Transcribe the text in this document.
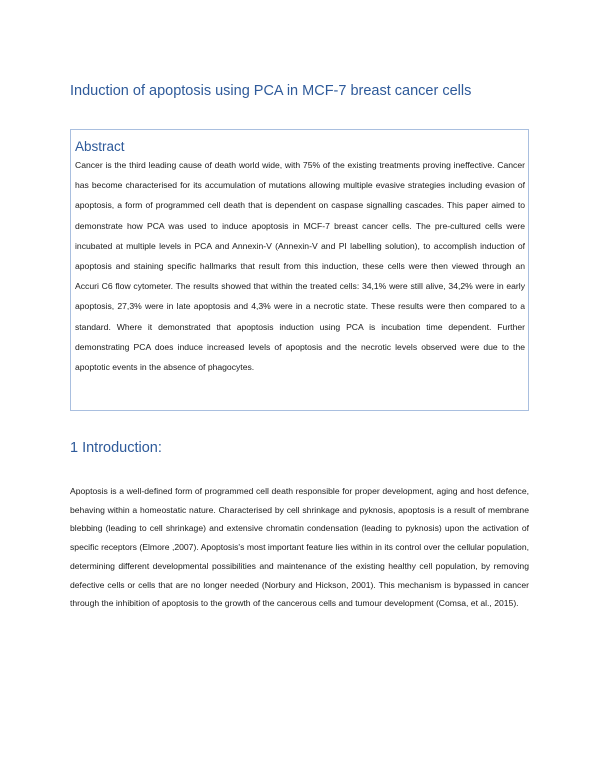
Induction of apoptosis using PCA in MCF-7 breast cancer cells
Abstract

Cancer is the third leading cause of death world wide, with 75% of the existing treatments proving ineffective. Cancer has become characterised for its accumulation of mutations allowing multiple evasive strategies including evasion of apoptosis, a form of programmed cell death that is dependent on caspase signalling cascades. This paper aimed to demonstrate how PCA was used to induce apoptosis in MCF-7 breast cancer cells. The pre-cultured cells were incubated at multiple levels in PCA and Annexin-V (Annexin-V and PI labelling solution), to accomplish induction of apoptosis and staining specific hallmarks that result from this induction, these cells were then viewed through an Accuri C6 flow cytometer. The results showed that within the treated cells: 34,1% were still alive, 34,2% were in early apoptosis, 27,3% were in late apoptosis and 4,3% were in a necrotic state. These results were then compared to a standard. Where it demonstrated that apoptosis induction using PCA is incubation time dependent. Further demonstrating PCA does induce increased levels of apoptosis and the necrotic levels observed were due to the apoptotic events in the absence of phagocytes.

1 Introduction:

Apoptosis is a well-defined form of programmed cell death responsible for proper development, aging and host defence, behaving within a homeostatic nature. Characterised by cell shrinkage and pyknosis, apoptosis is a result of membrane blebbing (leading to cell shrinkage) and extensive chromatin condensation (leading to pyknosis) upon the activation of specific receptors (Elmore ,2007). Apoptosis's most important feature lies within in its control over the cellular population, determining different developmental possibilities and maintenance of the existing healthy cell population, by removing defective cells or cells that are no longer needed (Norbury and Hickson, 2001). This mechanism is bypassed in cancer through the inhibition of apoptosis to the growth of the cancerous cells and tumour development (Comsa, et al., 2015).
